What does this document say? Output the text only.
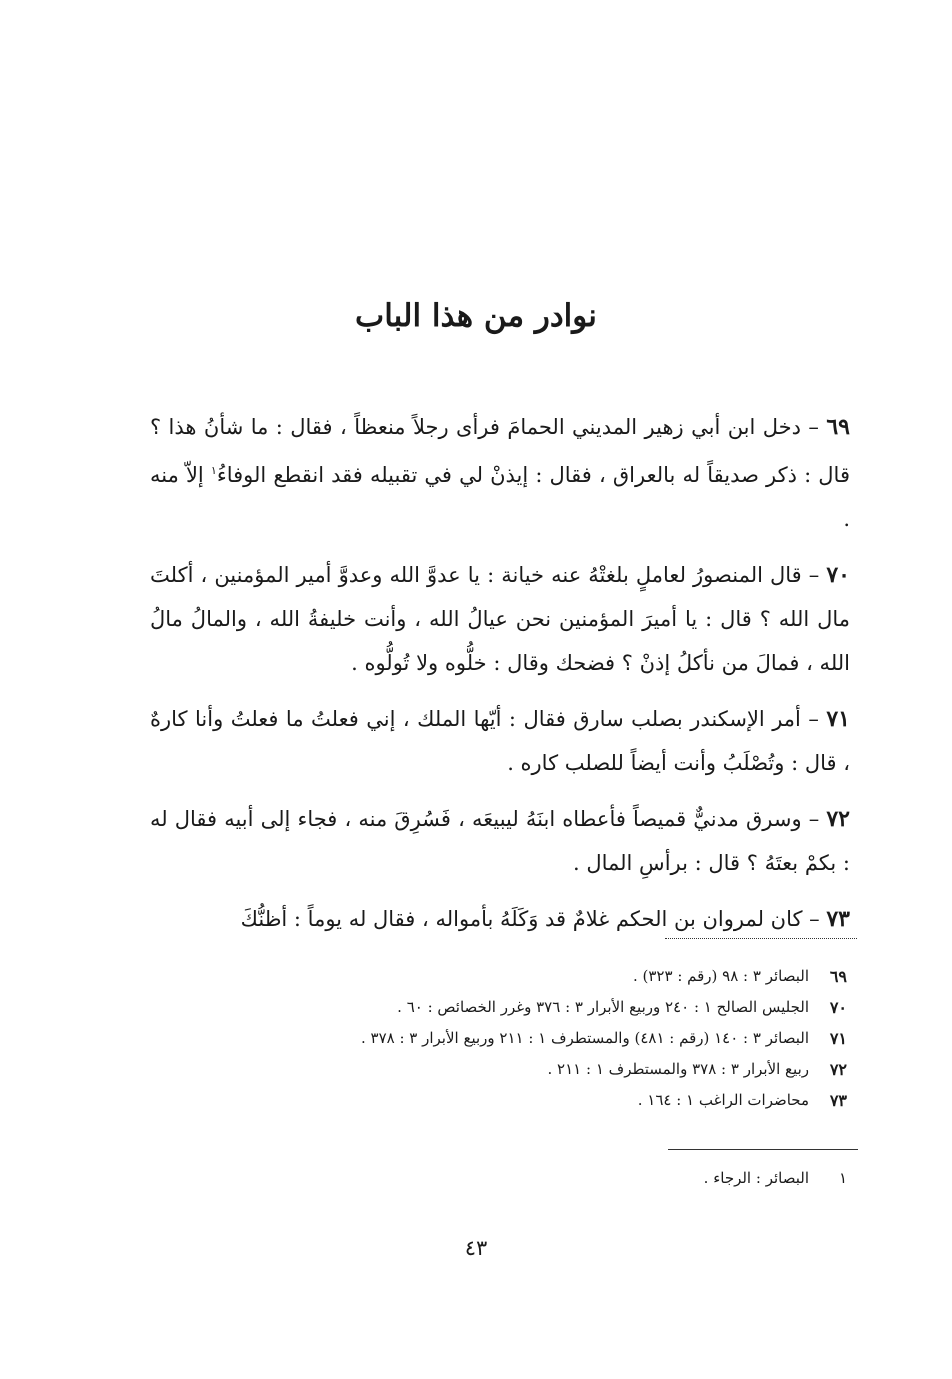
نوادر من هذا الباب

٦٩ – دخل ابن أبي زهير المديني الحمامَ فرأى رجلاً منعظاً ، فقال : ما شأنُ هذا ؟ قال : ذكر صديقاً له بالعراق ، فقال : إيذنْ لي في تقبيله فقد انقطع الوفاءُ$^١$ إلاّ منه .

٧٠ – قال المنصورُ لعاملٍ بلغتْهُ عنه خيانة : يا عدوَّ الله وعدوَّ أمير المؤمنين ، أكلتَ مال الله ؟ قال : يا أميرَ المؤمنين نحن عيالُ الله ، وأنت خليفةُ الله ، والمالُ مالُ الله ، فمالَ من نأكلُ إذنْ ؟ فضحك وقال : خلُّوه ولا تُولُّوه .

٧١ – أمر الإسكندر بصلب سارق فقال : أيّها الملك ، إني فعلتُ ما فعلتُ وأنا كارهٌ ، قال : وتُصْلَبُ وأنت أيضاً للصلب كاره .

٧٢ – وسرق مدنيٌّ قميصاً فأعطاه ابنَهُ ليبيعَه ، فَسُرِقَ منه ، فجاء إلى أبيه فقال له : بكمْ بعتَهُ ؟ قال : برأسِ المال .

٧٣ – كان لمروان بن الحكم غلامٌ قد وَكَلَهُ بأمواله ، فقال له يوماً : أظنُّكَ

٦٩
البصائر ٣ : ٩٨ (رقم : ٣٢٣) .
٧٠
الجليس الصالح ١ : ٢٤٠ وربيع الأبرار ٣ : ٣٧٦ وغرر الخصائص : ٦٠ .
٧١
البصائر ٣ : ١٤٠ (رقم : ٤٨١) والمستطرف ١ : ٢١١ وربيع الأبرار ٣ : ٣٧٨ .
٧٢
ربيع الأبرار ٣ : ٣٧٨ والمستطرف ١ : ٢١١ .
٧٣
محاضرات الراغب ١ : ١٦٤ .
١
البصائر : الرجاء .
٤٣
